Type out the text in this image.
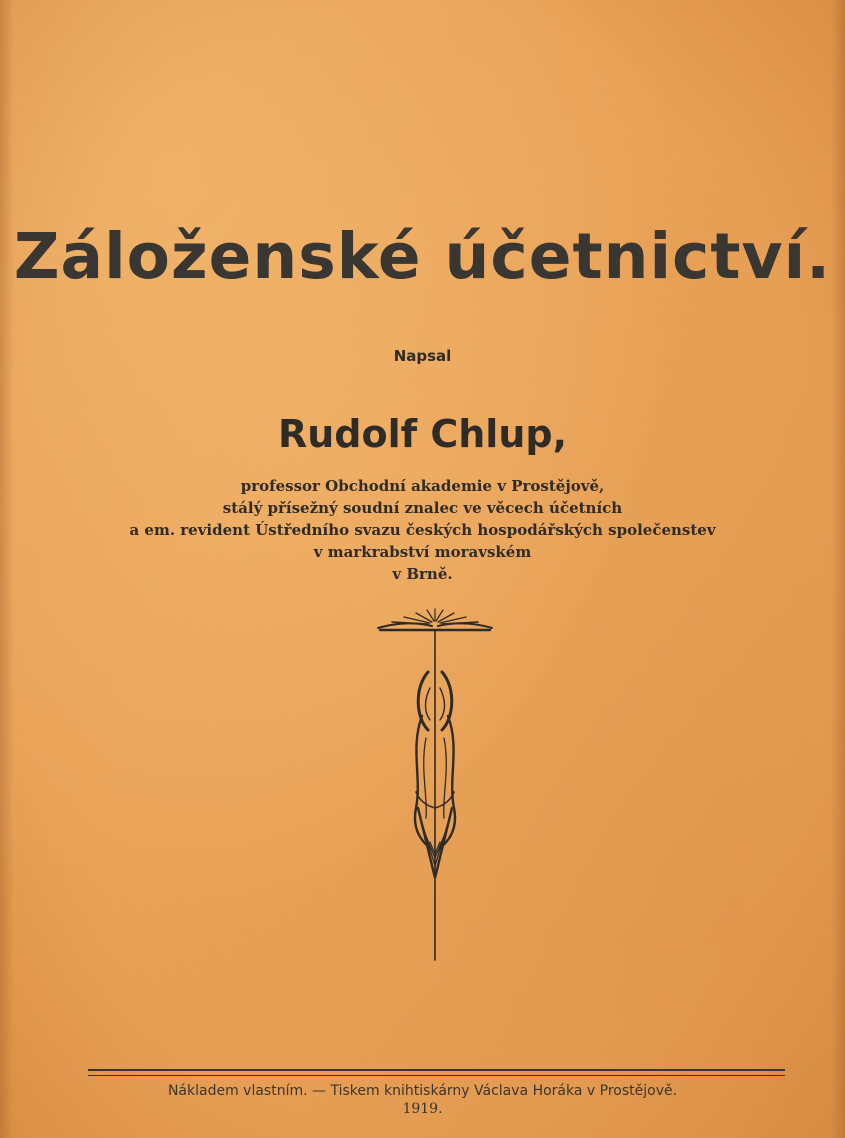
Záloženské účetnictví.
Napsal
Rudolf Chlup,
professor Obchodní akademie v Prostějově,
stálý přísežný soudní znalec ve věcech účetních
a em. revident Ústředního svazu českých hospodářských společenstev
v markrabství moravském
v Brně.
Nákladem vlastním. — Tiskem knihtiskárny Václava Horáka v Prostějově.
1919.
